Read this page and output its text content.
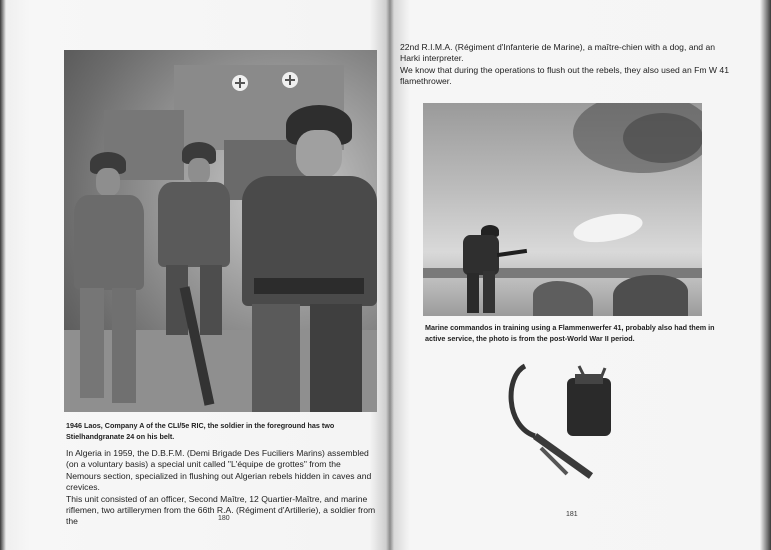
1946 Laos, Company A of the CLI/5e RIC, the soldier in the foreground has two Stielhandgranate 24 on his belt.

In Algeria in 1959, the D.B.F.M. (Demi Brigade Des Fuciliers Marins) assembled (on a voluntary basis) a special unit called "L'équipe de grottes" from the Nemours section, specialized in flushing out Algerian rebels hidden in caves and crevices.

This unit consisted of an officer, Second Maître, 12 Quartier-Maître, and marine riflemen, two artillerymen from the 66th R.A. (Régiment d'Artillerie), a soldier from the	180

22nd R.I.M.A. (Régiment d'Infanterie de Marine), a maître-chien with a dog, and an Harki interpreter.

We know that during the operations to flush out the rebels, they also used an Fm W 41 flamethrower.

Marine commandos in training using a Flammenwerfer 41, probably also had them in active service, the photo is from the post-World War II period.
181
